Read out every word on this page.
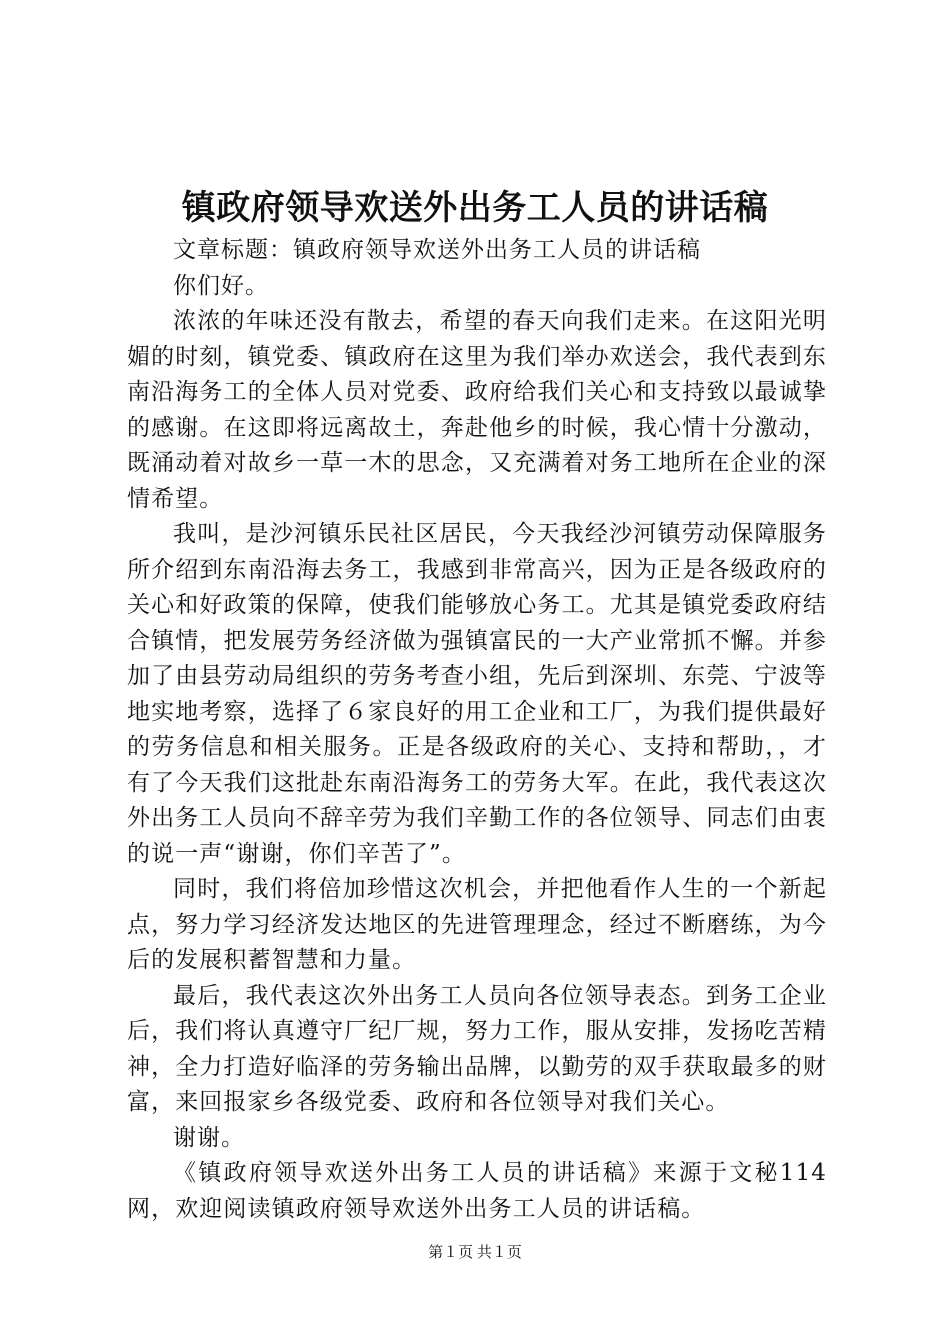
镇政府领导欢送外出务工人员的讲话稿

文章标题：镇政府领导欢送外出务工人员的讲话稿

你们好。

浓浓的年味还没有散去，希望的春天向我们走来。在这阳光明媚的时刻，镇党委、镇政府在这里为我们举办欢送会，我代表到东南沿海务工的全体人员对党委、政府给我们关心和支持致以最诚挚的感谢。在这即将远离故土，奔赴他乡的时候，我心情十分激动，既涌动着对故乡一草一木的思念，又充满着对务工地所在企业的深情希望。

我叫，是沙河镇乐民社区居民，今天我经沙河镇劳动保障服务所介绍到东南沿海去务工，我感到非常高兴，因为正是各级政府的关心和好政策的保障，使我们能够放心务工。尤其是镇党委政府结合镇情，把发展劳务经济做为强镇富民的一大产业常抓不懈。并参加了由县劳动局组织的劳务考查小组，先后到深圳、东莞、宁波等地实地考察，选择了６家良好的用工企业和工厂，为我们提供最好的劳务信息和相关服务。正是各级政府的关心、支持和帮助，，才有了今天我们这批赴东南沿海务工的劳务大军。在此，我代表这次外出务工人员向不辞辛劳为我们辛勤工作的各位领导、同志们由衷的说一声“谢谢，你们辛苦了”。

同时，我们将倍加珍惜这次机会，并把他看作人生的一个新起点，努力学习经济发达地区的先进管理理念，经过不断磨练，为今后的发展积蓄智慧和力量。

最后，我代表这次外出务工人员向各位领导表态。到务工企业后，我们将认真遵守厂纪厂规，努力工作，服从安排，发扬吃苦精神，全力打造好临泽的劳务输出品牌，以勤劳的双手获取最多的财富，来回报家乡各级党委、政府和各位领导对我们关心。

谢谢。

《镇政府领导欢送外出务工人员的讲话稿》来源于文秘114网，欢迎阅读镇政府领导欢送外出务工人员的讲话稿。

第１页 共１页
